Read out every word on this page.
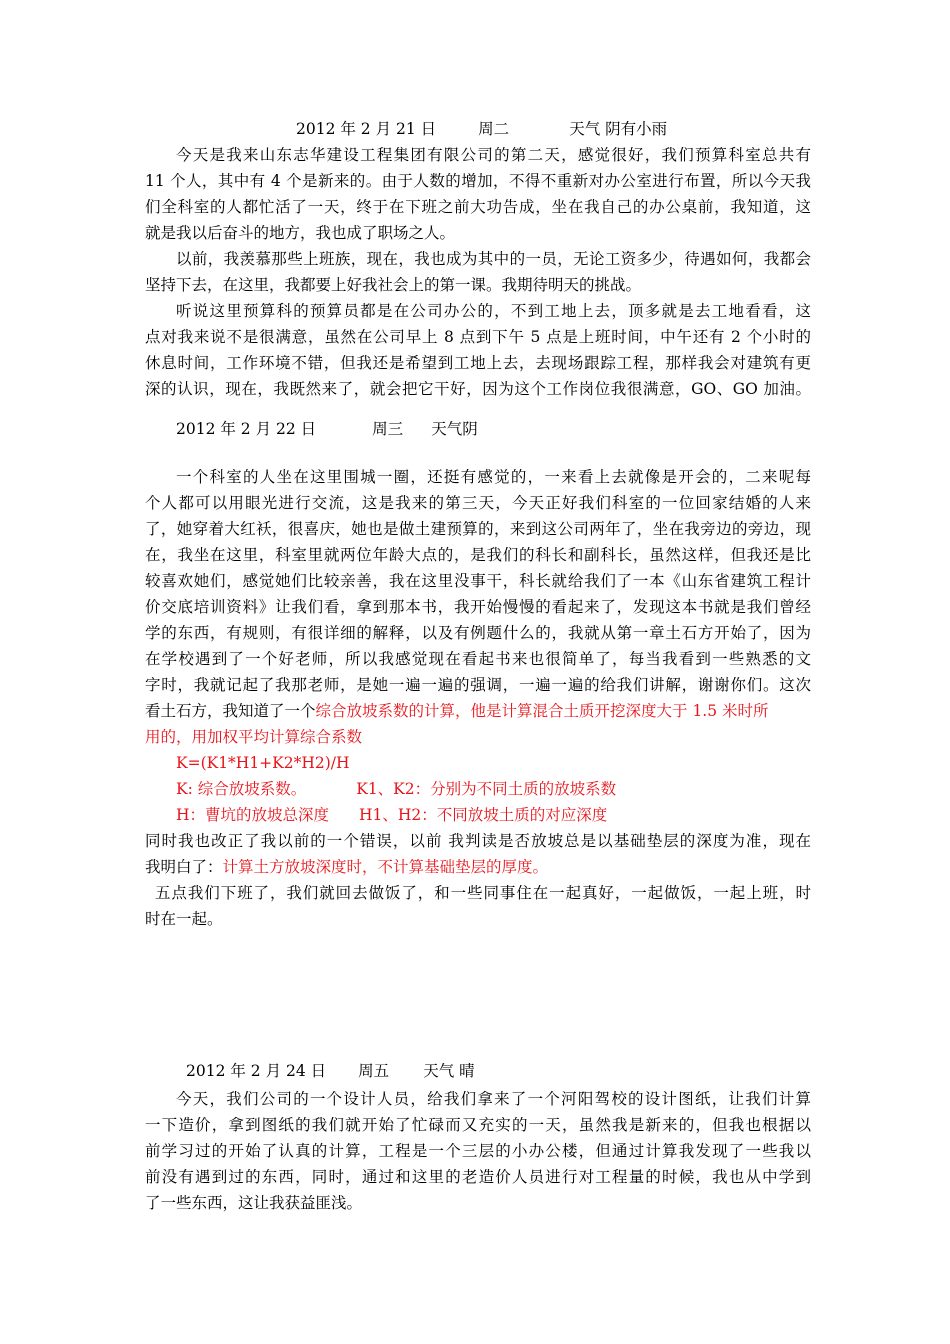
2012 年 2 月 21 日	周二	天气 阴有小雨
今天是我来山东志华建设工程集团有限公司的第二天，感觉很好，我们预算科室总共有
11 个人，其中有 4 个是新来的。由于人数的增加，不得不重新对办公室进行布置，所以今天我
们全科室的人都忙活了一天，终于在下班之前大功告成，坐在我自己的办公桌前，我知道，这
就是我以后奋斗的地方，我也成了职场之人。
以前，我羡慕那些上班族，现在，我也成为其中的一员，无论工资多少，待遇如何，我都会
坚持下去，在这里，我都要上好我社会上的第一课。我期待明天的挑战。
听说这里预算科的预算员都是在公司办公的，不到工地上去，顶多就是去工地看看，这
点对我来说不是很满意，虽然在公司早上 8 点到下午 5 点是上班时间，中午还有 2 个小时的
休息时间，工作环境不错，但我还是希望到工地上去，去现场跟踪工程，那样我会对建筑有更
深的认识，现在，我既然来了，就会把它干好，因为这个工作岗位我很满意，GO、GO 加油。
2012 年 2 月 22 日	周三 天气阴
一个科室的人坐在这里围城一圈，还挺有感觉的，一来看上去就像是开会的，二来呢每
个人都可以用眼光进行交流，这是我来的第三天，今天正好我们科室的一位回家结婚的人来
了，她穿着大红袄，很喜庆，她也是做土建预算的，来到这公司两年了，坐在我旁边的旁边，现
在，我坐在这里，科室里就两位年龄大点的，是我们的科长和副科长，虽然这样，但我还是比
较喜欢她们，感觉她们比较亲善，我在这里没事干，科长就给我们了一本《山东省建筑工程计
价交底培训资料》让我们看，拿到那本书，我开始慢慢的看起来了，发现这本书就是我们曾经
学的东西，有规则，有很详细的解释，以及有例题什么的，我就从第一章土石方开始了，因为
在学校遇到了一个好老师，所以我感觉现在看起书来也很简单了，每当我看到一些熟悉的文
字时，我就记起了我那老师，是她一遍一遍的强调，一遍一遍的给我们讲解，谢谢你们。这次
看土石方，我知道了一个综合放坡系数的计算，他是计算混合土质开挖深度大于 1.5 米时所
用的，用加权平均计算综合系数
K=(K1*H1+K2*H2)/H
K: 综合放坡系数。	K1、K2：分别为不同土质的放坡系数
H：曹坑的放坡总深度 H1、H2：不同放坡土质的对应深度
同时我也改正了我以前的一个错误，以前 我判读是否放坡总是以基础垫层的深度为准，现在
我明白了：计算土方放坡深度时，不计算基础垫层的厚度。
五点我们下班了，我们就回去做饭了，和一些同事住在一起真好，一起做饭，一起上班，时
时在一起。
2012 年 2 月 24 日 周五 天气 晴
今天，我们公司的一个设计人员，给我们拿来了一个河阳驾校的设计图纸，让我们计算
一下造价，拿到图纸的我们就开始了忙碌而又充实的一天，虽然我是新来的，但我也根据以
前学习过的开始了认真的计算，工程是一个三层的小办公楼，但通过计算我发现了一些我以
前没有遇到过的东西，同时，通过和这里的老造价人员进行对工程量的时候，我也从中学到
了一些东西，这让我获益匪浅。
